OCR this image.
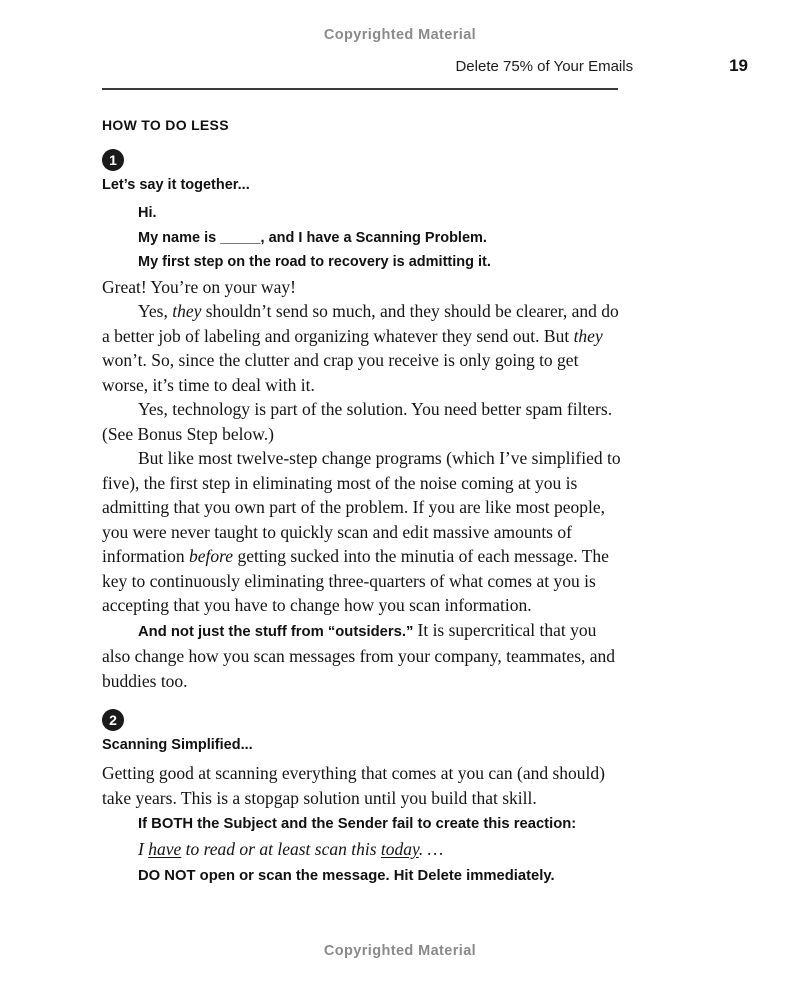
Copyrighted Material
Delete 75% of Your Emails	19
HOW TO DO LESS
1
Let’s say it together...

Hi.

My name is _____, and I have a Scanning Problem.

My first step on the road to recovery is admitting it.

Great! You’re on your way!

Yes, they shouldn’t send so much, and they should be clearer, and do a better job of labeling and organizing whatever they send out. But they won’t. So, since the clutter and crap you receive is only going to get worse, it’s time to deal with it.

Yes, technology is part of the solution. You need better spam filters. (See Bonus Step below.)

But like most twelve-step change programs (which I’ve simplified to five), the first step in eliminating most of the noise coming at you is admitting that you own part of the problem. If you are like most people, you were never taught to quickly scan and edit massive amounts of information before getting sucked into the minutia of each message. The key to continuously eliminating three-quarters of what comes at you is accepting that you have to change how you scan information.

And not just the stuff from “outsiders.” It is supercritical that you also change how you scan messages from your company, teammates, and buddies too.

2
Scanning Simplified...

Getting good at scanning everything that comes at you can (and should) take years. This is a stopgap solution until you build that skill.

If BOTH the Subject and the Sender fail to create this reaction:

I have to read or at least scan this today. …

DO NOT open or scan the message. Hit Delete immediately.

Copyrighted Material
